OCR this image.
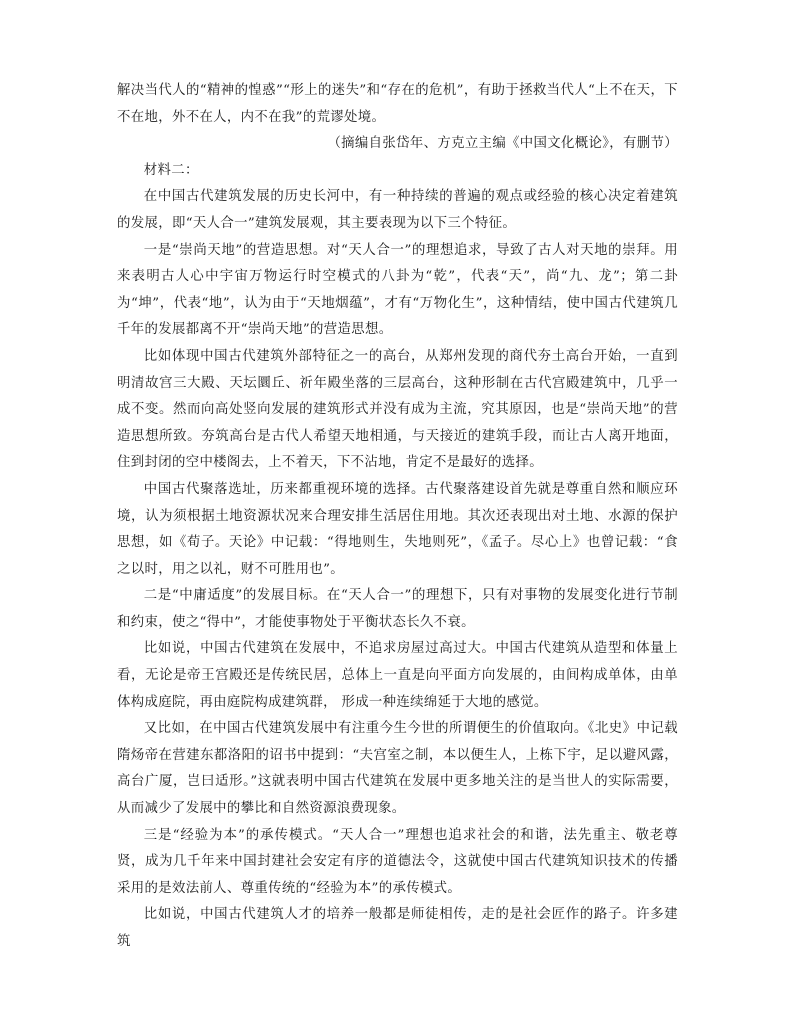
解决当代人的“精神的惶惑”“形上的迷失”和“存在的危机”，有助于拯救当代人“上不在天，下不在地，外不在人，内不在我”的荒谬处境。

（摘编自张岱年、方克立主编《中国文化概论》，有删节）

材料二：

在中国古代建筑发展的历史长河中，有一种持续的普遍的观点或经验的核心决定着建筑的发展，即“天人合一”建筑发展观，其主要表现为以下三个特征。

一是“崇尚天地”的营造思想。对“天人合一”的理想追求，导致了古人对天地的崇拜。用来表明古人心中宇宙万物运行时空模式的八卦为“乾”，代表“天”，尚“九、龙”；第二卦为“坤”，代表“地”，认为由于“天地烟蕴”，才有“万物化生”，这种情结，使中国古代建筑几千年的发展都离不开“崇尚天地”的营造思想。

比如体现中国古代建筑外部特征之一的高台，从郑州发现的商代夯土高台开始，一直到明清故宫三大殿、天坛圜丘、祈年殿坐落的三层高台，这种形制在古代宫殿建筑中，几乎一成不变。然而向高处竖向发展的建筑形式并没有成为主流，究其原因，也是“崇尚天地”的营造思想所致。夯筑高台是古代人希望天地相通，与天接近的建筑手段，而让古人离开地面，住到封闭的空中楼阁去，上不着天，下不沾地，肯定不是最好的选择。

中国古代聚落选址，历来都重视环境的选择。古代聚落建设首先就是尊重自然和顺应环境，认为须根据土地资源状况来合理安排生活居住用地。其次还表现出对土地、水源的保护思想，如《荀子。天论》中记载：“得地则生，失地则死”，《孟子。尽心上》也曾记载：“食之以时，用之以礼，财不可胜用也”。

二是“中庸适度”的发展目标。在“天人合一”的理想下，只有对事物的发展变化进行节制和约束，使之“得中”，才能使事物处于平衡状态长久不衰。

比如说，中国古代建筑在发展中，不追求房屋过高过大。中国古代建筑从造型和体量上看，无论是帝王宫殿还是传统民居，总体上一直是向平面方向发展的，由间构成单体，由单体构成庭院，再由庭院构成建筑群， 形成一种连续绵延于大地的感觉。

又比如，在中国古代建筑发展中有注重今生今世的所谓便生的价值取向。《北史》中记载隋炀帝在营建东都洛阳的诏书中提到：“夫宫室之制，本以便生人，上栋下宇，足以避风露，高台广厦，岂曰适形。”这就表明中国古代建筑在发展中更多地关注的是当世人的实际需要，从而减少了发展中的攀比和自然资源浪费现象。

三是“经验为本”的承传模式。“天人合一”理想也追求社会的和谐，法先重主、敬老尊贤，成为几千年来中国封建社会安定有序的道德法令，这就使中国古代建筑知识技术的传播采用的是效法前人、尊重传统的“经验为本”的承传模式。

比如说，中国古代建筑人才的培养一般都是师徒相传，走的是社会匠作的路子。许多建筑
